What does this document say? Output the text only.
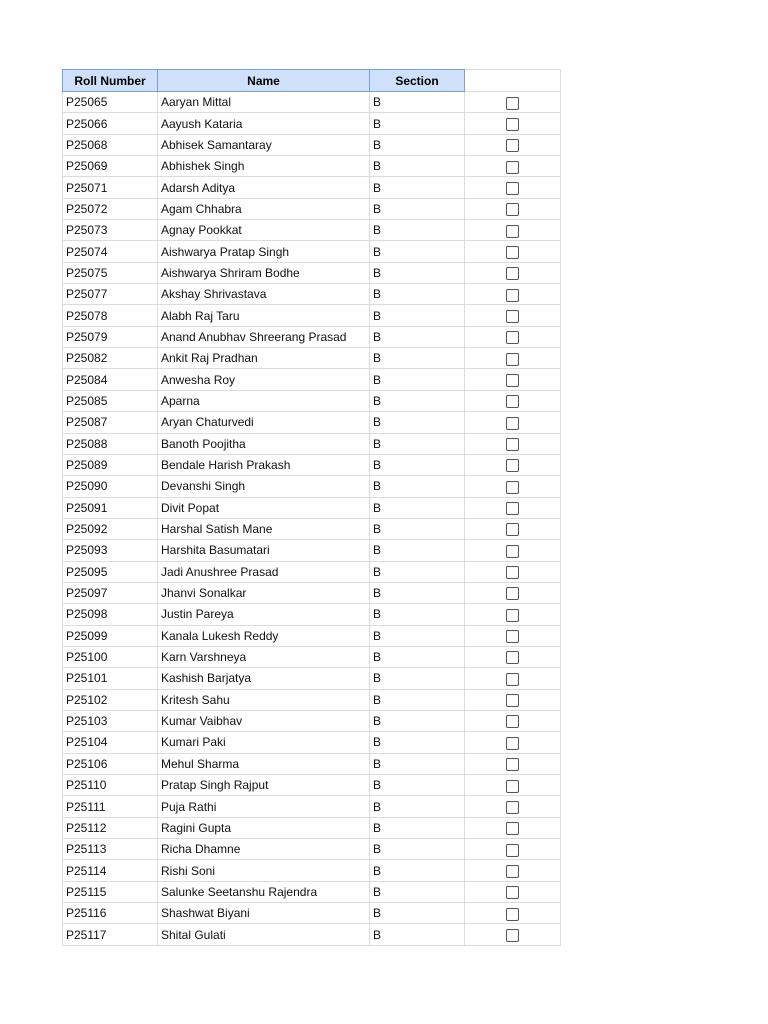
Roll Number	Name	Section	
P25065	Aaryan Mittal	B	
P25066	Aayush Kataria	B	
P25068	Abhisek Samantaray	B	
P25069	Abhishek Singh	B	
P25071	Adarsh Aditya	B	
P25072	Agam Chhabra	B	
P25073	Agnay Pookkat	B	
P25074	Aishwarya Pratap Singh	B	
P25075	Aishwarya Shriram Bodhe	B	
P25077	Akshay Shrivastava	B	
P25078	Alabh Raj Taru	B	
P25079	Anand Anubhav Shreerang Prasad	B	
P25082	Ankit Raj Pradhan	B	
P25084	Anwesha Roy	B	
P25085	Aparna	B	
P25087	Aryan Chaturvedi	B	
P25088	Banoth Poojitha	B	
P25089	Bendale Harish Prakash	B	
P25090	Devanshi Singh	B	
P25091	Divit Popat	B	
P25092	Harshal Satish Mane	B	
P25093	Harshita Basumatari	B	
P25095	Jadi Anushree Prasad	B	
P25097	Jhanvi Sonalkar	B	
P25098	Justin Pareya	B	
P25099	Kanala Lukesh Reddy	B	
P25100	Karn Varshneya	B	
P25101	Kashish Barjatya	B	
P25102	Kritesh Sahu	B	
P25103	Kumar Vaibhav	B	
P25104	Kumari Paki	B	
P25106	Mehul Sharma	B	
P25110	Pratap Singh Rajput	B	
P25111	Puja Rathi	B	
P25112	Ragini Gupta	B	
P25113	Richa Dhamne	B	
P25114	Rishi Soni	B	
P25115	Salunke Seetanshu Rajendra	B	
P25116	Shashwat Biyani	B	
P25117	Shital Gulati	B	
